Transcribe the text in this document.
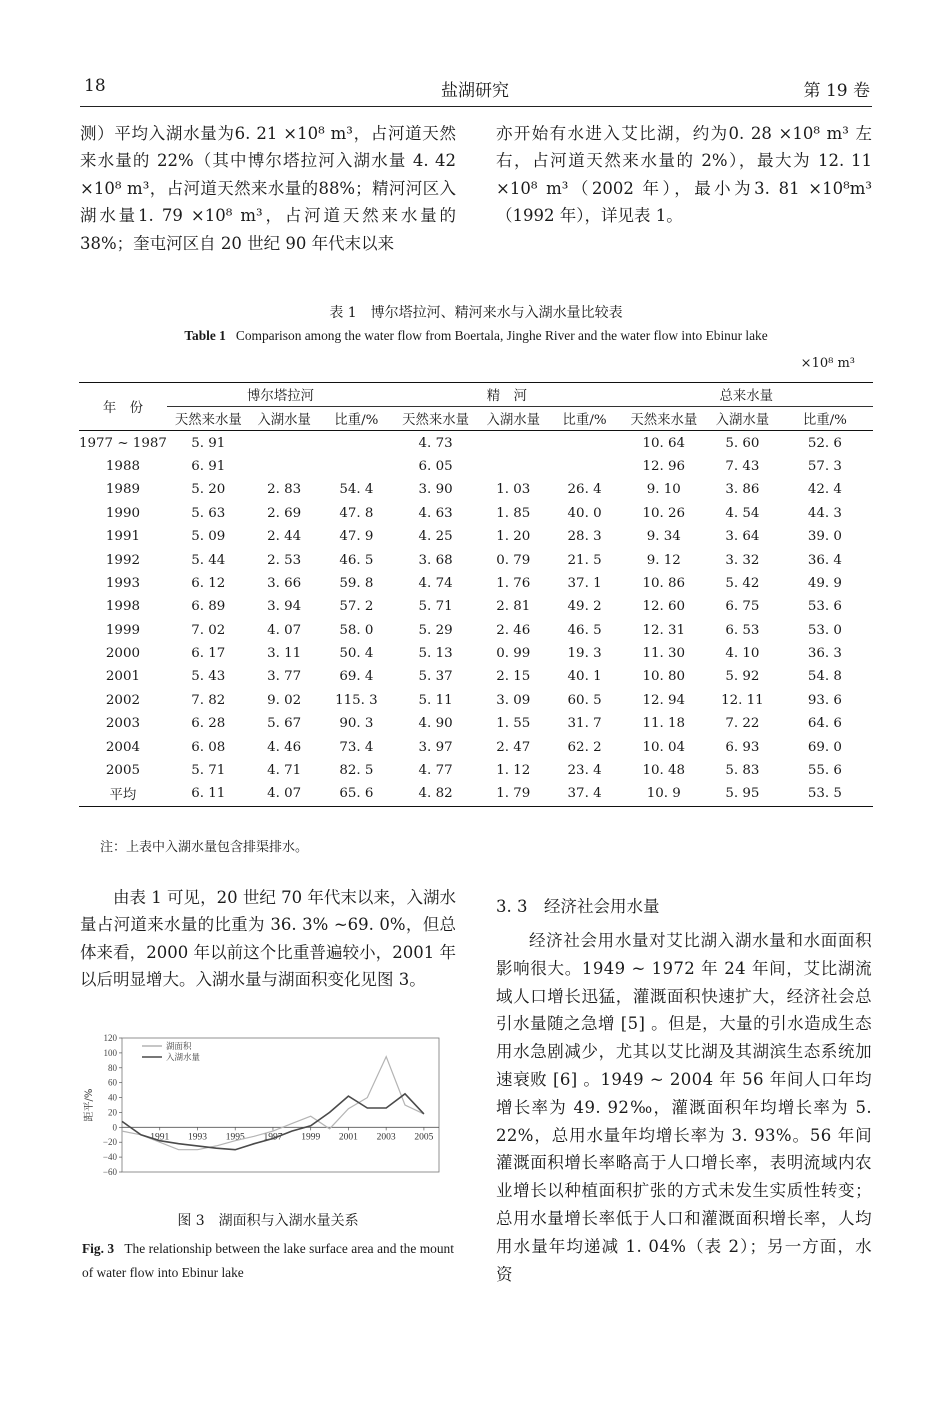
18	盐湖研究	第 19 卷

测）平均入湖水量为6. 21 ×10⁸ m³，占河道天然来水量的 22%（其中博尔塔拉河入湖水量 4. 42 ×10⁸ m³，占河道天然来水量的88%；精河河区入湖水量1. 79 ×10⁸ m³，占河道天然来水量的 38%；奎屯河区自 20 世纪 90 年代末以来

亦开始有水进入艾比湖，约为0. 28 ×10⁸ m³ 左右，占河道天然来水量的 2%），最大为 12. 11 ×10⁸ m³（2002 年），最小为3. 81 ×10⁸m³（1992 年），详见表 1。

表 1　博尔塔拉河、精河来水与入湖水量比较表
Table 1 Comparison among the water flow from Boertala, Jinghe River and the water flow into Ebinur lake
×10⁸ m³
年　份	博尔塔拉河			精　河			总来水量		
	天然来水量	入湖水量	比重/%	天然来水量	入湖水量	比重/%	天然来水量	入湖水量	比重/%
1977 ~ 1987	5. 91			4. 73			10. 64	5. 60	52. 6
1988	6. 91			6. 05			12. 96	7. 43	57. 3
1989	5. 20	2. 83	54. 4	3. 90	1. 03	26. 4	9. 10	3. 86	42. 4
1990	5. 63	2. 69	47. 8	4. 63	1. 85	40. 0	10. 26	4. 54	44. 3
1991	5. 09	2. 44	47. 9	4. 25	1. 20	28. 3	9. 34	3. 64	39. 0
1992	5. 44	2. 53	46. 5	3. 68	0. 79	21. 5	9. 12	3. 32	36. 4
1993	6. 12	3. 66	59. 8	4. 74	1. 76	37. 1	10. 86	5. 42	49. 9
1998	6. 89	3. 94	57. 2	5. 71	2. 81	49. 2	12. 60	6. 75	53. 6
1999	7. 02	4. 07	58. 0	5. 29	2. 46	46. 5	12. 31	6. 53	53. 0
2000	6. 17	3. 11	50. 4	5. 13	0. 99	19. 3	11. 30	4. 10	36. 3
2001	5. 43	3. 77	69. 4	5. 37	2. 15	40. 1	10. 80	5. 92	54. 8
2002	7. 82	9. 02	115. 3	5. 11	3. 09	60. 5	12. 94	12. 11	93. 6
2003	6. 28	5. 67	90. 3	4. 90	1. 55	31. 7	11. 18	7. 22	64. 6
2004	6. 08	4. 46	73. 4	3. 97	2. 47	62. 2	10. 04	6. 93	69. 0
2005	5. 71	4. 71	82. 5	4. 77	1. 12	23. 4	10. 48	5. 83	55. 6
平均	6. 11	4. 07	65. 6	4. 82	1. 79	37. 4	10. 9	5. 95	53. 5
注：上表中入湖水量包含排渠排水。

由表 1 可见，20 世纪 70 年代末以来，入湖水量占河道来水量的比重为 36. 3% ~69. 0%，但总体来看，2000 年以前这个比重普遍较小，2001 年以后明显增大。入湖水量与湖面积变化见图 3。

120
100
80
60
40
20
0
−20
−40
−60
1991 1993 1995 1997 1999 2001 2003 2005
距平/%
湖面积
入湖水量
图 3　湖面积与入湖水量关系
Fig. 3 The relationship between the lake surface area and the mount of water flow into Ebinur lake
3. 3　经济社会用水量

经济社会用水量对艾比湖入湖水量和水面面积影响很大。1949 ~ 1972 年 24 年间，艾比湖流域人口增长迅猛，灌溉面积快速扩大，经济社会总引水量随之急增 [5] 。但是，大量的引水造成生态用水急剧减少，尤其以艾比湖及其湖滨生态系统加速衰败 [6] 。1949 ~ 2004 年 56 年间人口年均增长率为 49. 92‰，灌溉面积年均增长率为 5. 22%，总用水量年均增长率为 3. 93%。56 年间灌溉面积增长率略高于人口增长率，表明流域内农业增长以种植面积扩张的方式未发生实质性转变；总用水量增长率低于人口和灌溉面积增长率，人均用水量年均递减 1. 04%（表 2）；另一方面，水资
